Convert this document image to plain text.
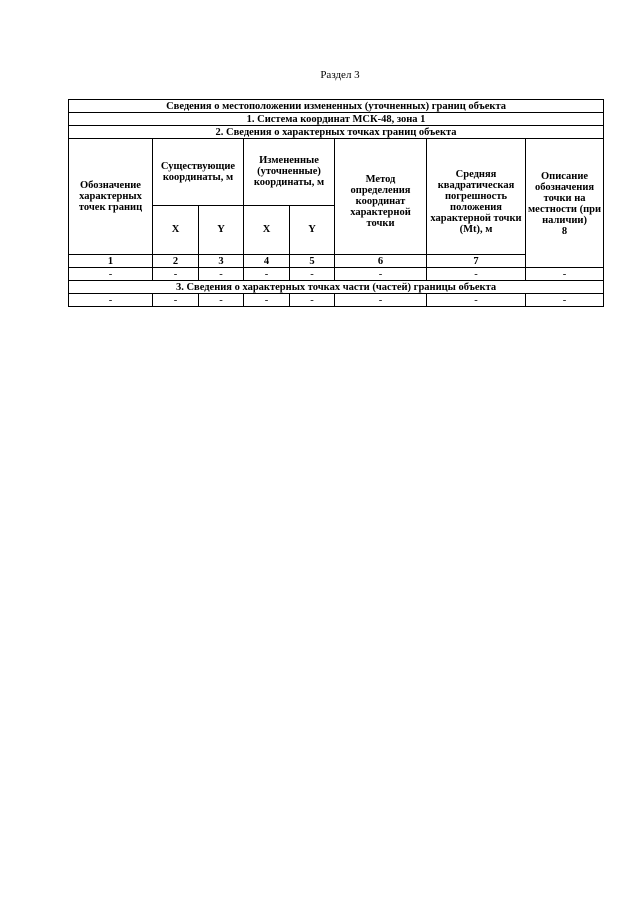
Раздел 3
Сведения о местоположении измененных (уточненных) границ объекта							
1. Система координат МСК-48, зона 1							
2. Сведения о характерных точках границ объекта							
Обозначение характерных точек границ	Существующие координаты, м		Измененные (уточненные) координаты, м		Метод определения координат характерной точки	Средняя квадратическая погрешность положения характерной точки (Mt), м	Описание обозначения точки на местности (при наличии)
8

	X	Y	X	Y			
1	2	3	4	5	6	7	
-	-	-	-	-	-	-	-
3. Сведения о характерных точках части (частей) границы объекта							
-	-	-	-	-	-	-	-
